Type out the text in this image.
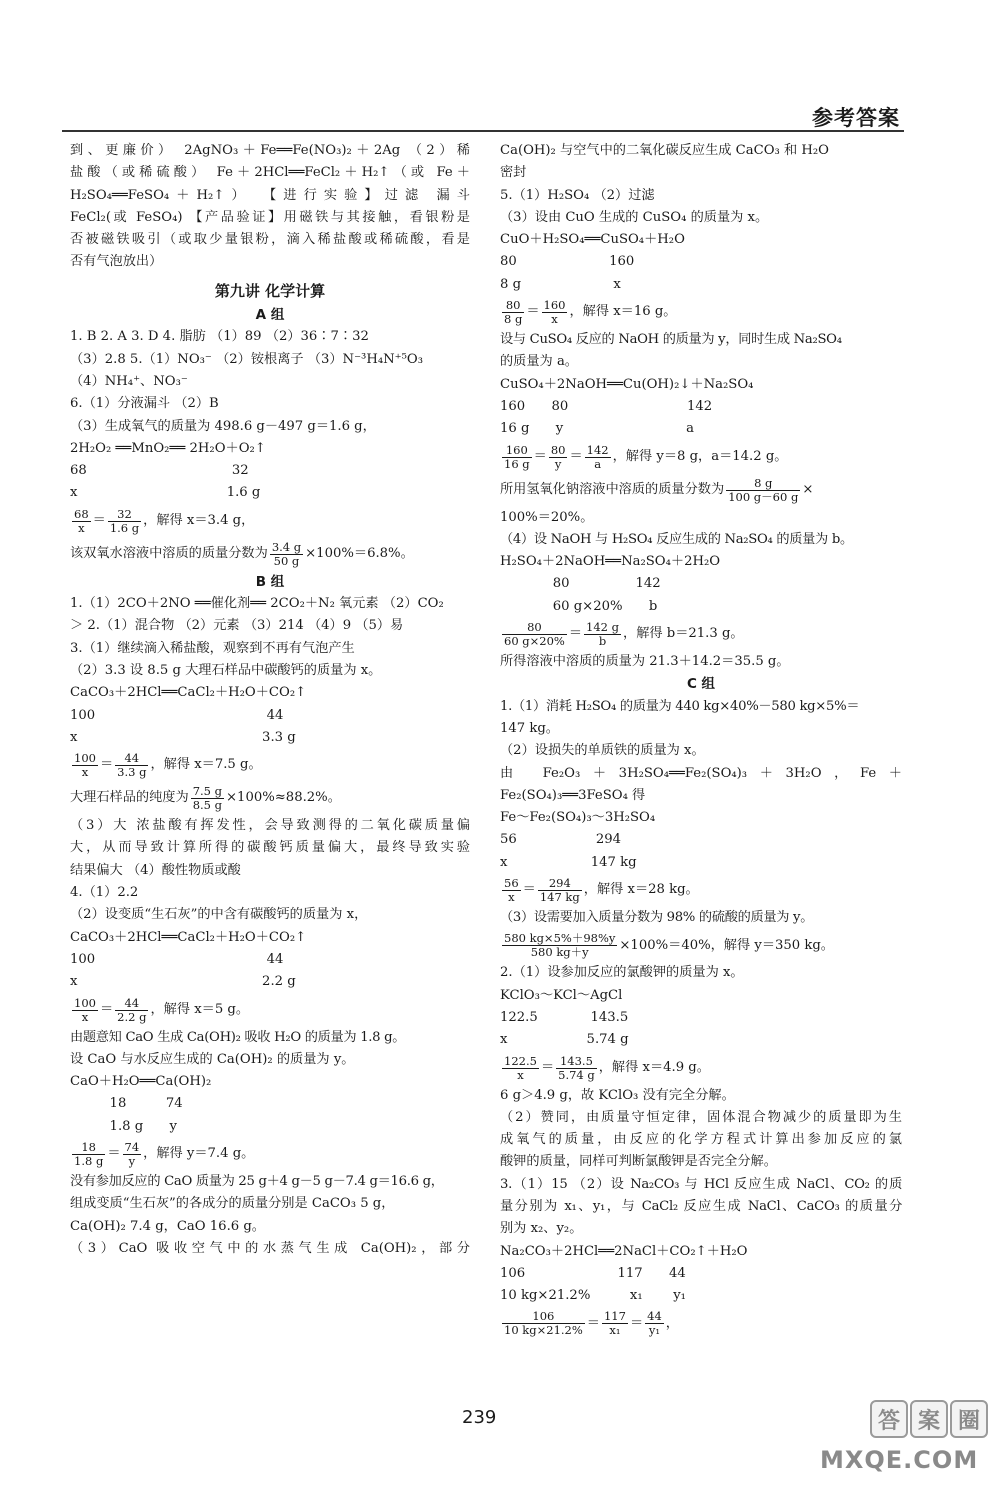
参考答案
到、更廉价） 2AgNO₃＋Fe══Fe(NO₃)₂＋2Ag （2）稀
盐酸（或稀硫酸） Fe＋2HCl══FeCl₂＋H₂↑（或 Fe＋
H₂SO₄══FeSO₄＋H₂↑） 【进行实验】过滤 漏斗
FeCl₂(或 FeSO₄) 【产品验证】用磁铁与其接触，看银粉是
否被磁铁吸引（或取少量银粉，滴入稀盐酸或稀硫酸，看是
否有气泡放出）
第九讲 化学计算
A 组
1. B 2. A 3. D 4. 脂肪 （1）89 （2）36∶7∶32
（3）2.8 5.（1）NO₃⁻ （2）铵根离子 （3）N⁻³H₄N⁺⁵O₃
（4）NH₄⁺、NO₃⁻
6.（1）分液漏斗 （2）B
（3）生成氧气的质量为 498.6 g－497 g＝1.6 g，
2H₂O₂ ══MnO₂══ 2H₂O＋O₂↑
68　　　　　　　　　　　32
x　　　　　　　　　　　 1.6 g
$\frac{68}{x} = \frac{32}{1.6 g}$ ，解得 x＝3.4 g，
该双氧水溶液中溶质的质量分数为 $\frac{3.4 g}{50 g} \times 100\%=6.8\%$。
B 组
1.（1）2CO＋2NO ══催化剂══ 2CO₂＋N₂ 氧元素 （2）CO₂
＞ 2.（1）混合物 （2）元素 （3）214 （4）9 （5）易
3.（1）继续滴入稀盐酸，观察到不再有气泡产生
（2）3.3 设 8.5 g 大理石样品中碳酸钙的质量为 x。
CaCO₃＋2HCl══CaCl₂＋H₂O＋CO₂↑
100　　　　　　　　　　　　　44
x　　　　　　　　　　　　　　3.3 g
$\frac{100}{x} = \frac{44}{3.3 g}$ ，解得 x＝7.5 g。
大理石样品的纯度为 $\frac{7.5 g}{8.5 g} \times 100\%\approx 88.2\%$。
（3）大 浓盐酸有挥发性，会导致测得的二氧化碳质量偏
大，从而导致计算所得的碳酸钙质量偏大，最终导致实验
结果偏大 （4）酸性物质或酸
4.（1）2.2
（2）设变质“生石灰”的中含有碳酸钙的质量为 x，
CaCO₃＋2HCl══CaCl₂＋H₂O＋CO₂↑
100　　　　　　　　　　　　　44
x　　　　　　　　　　　　　　2.2 g
$\frac{100}{x} = \frac{44}{2.2 g}$ ，解得 x＝5 g。
由题意知 CaO 生成 Ca(OH)₂ 吸收 H₂O 的质量为 1.8 g。
设 CaO 与水反应生成的 Ca(OH)₂ 的质量为 y。
CaO＋H₂O══Ca(OH)₂
　　　18　　　74
　　　1.8 g　　y
$\frac{18}{1.8 g} = \frac{74}{y}$ ，解得 y＝7.4 g。
没有参加反应的 CaO 质量为 25 g＋4 g－5 g－7.4 g＝16.6 g，
组成变质“生石灰”的各成分的质量分别是 CaCO₃ 5 g，
Ca(OH)₂ 7.4 g，CaO 16.6 g。
（3）CaO 吸收空气中的水蒸气生成 Ca(OH)₂，部分
Ca(OH)₂ 与空气中的二氧化碳反应生成 CaCO₃ 和 H₂O
密封
5.（1）H₂SO₄ （2）过滤
（3）设由 CuO 生成的 CuSO₄ 的质量为 x。
CuO＋H₂SO₄══CuSO₄＋H₂O
80　　　　　　　160
8 g　　　　　　　x
$\frac{80}{8 g} = \frac{160}{x}$ ，解得 x＝16 g。
设与 CuSO₄ 反应的 NaOH 的质量为 y，同时生成 Na₂SO₄
的质量为 a。
CuSO₄＋2NaOH══Cu(OH)₂↓＋Na₂SO₄
160　　80　　　　　　　　　142
16 g　　y　　　　　　　　　 a
$\frac{160}{16 g} = \frac{80}{y} = \frac{142}{a}$ ，解得 y＝8 g，a＝14.2 g。
所用氢氧化钠溶液中溶质的质量分数为 $\frac{8 g}{100 g-60 g}$ ×
100%＝20%。
（4）设 NaOH 与 H₂SO₄ 反应生成的 Na₂SO₄ 的质量为 b。
H₂SO₄＋2NaOH══Na₂SO₄＋2H₂O
　　　　80　　　　　142
　　　　60 g×20%　　b
$\frac{80}{60 g\times 20\%} = \frac{142 g}{b}$ ，解得 b＝21.3 g。
所得溶液中溶质的质量为 21.3＋14.2＝35.5 g。
C 组
1.（1）消耗 H₂SO₄ 的质量为 440 kg×40%－580 kg×5%＝
147 kg。
（2）设损失的单质铁的质量为 x。
由 Fe₂O₃＋3H₂SO₄══Fe₂(SO₄)₃＋3H₂O，Fe＋
Fe₂(SO₄)₃══3FeSO₄ 得
Fe～Fe₂(SO₄)₃～3H₂SO₄
56　　　　　　294
x　　　　　　 147 kg
$\frac{56}{x} = \frac{294}{147 kg}$ ，解得 x＝28 kg。
（3）设需要加入质量分数为 98% 的硫酸的质量为 y。
$\frac{580 kg\times 5\%+98\%y}{580 kg+y} \times 100\%=40\%$，解得 y＝350 kg。
2.（1）设参加反应的氯酸钾的质量为 x。
KClO₃～KCl～AgCl
122.5　　　　143.5
x　　　　　　5.74 g
$\frac{122.5}{x} = \frac{143.5}{5.74 g}$ ，解得 x＝4.9 g。
6 g＞4.9 g，故 KClO₃ 没有完全分解。
（2）赞同，由质量守恒定律，固体混合物减少的质量即为生
成氧气的质量，由反应的化学方程式计算出参加反应的氯
酸钾的质量，同样可判断氯酸钾是否完全分解。
3.（1）15 （2）设 Na₂CO₃ 与 HCl 反应生成 NaCl、CO₂ 的质
量分别为 x₁、y₁，与 CaCl₂ 反应生成 NaCl、CaCO₃ 的质量分
别为 x₂、y₂。
Na₂CO₃＋2HCl══2NaCl＋CO₂↑＋H₂O
106　　　　　　　117　　44
10 kg×21.2%　　　x₁　　 y₁
$\frac{106}{10 kg\times 21.2\%} = \frac{117}{\text{x₁}} = \frac{44}{\text{y₁}}$ ，
239	答 案 圈
MXQE.COM
